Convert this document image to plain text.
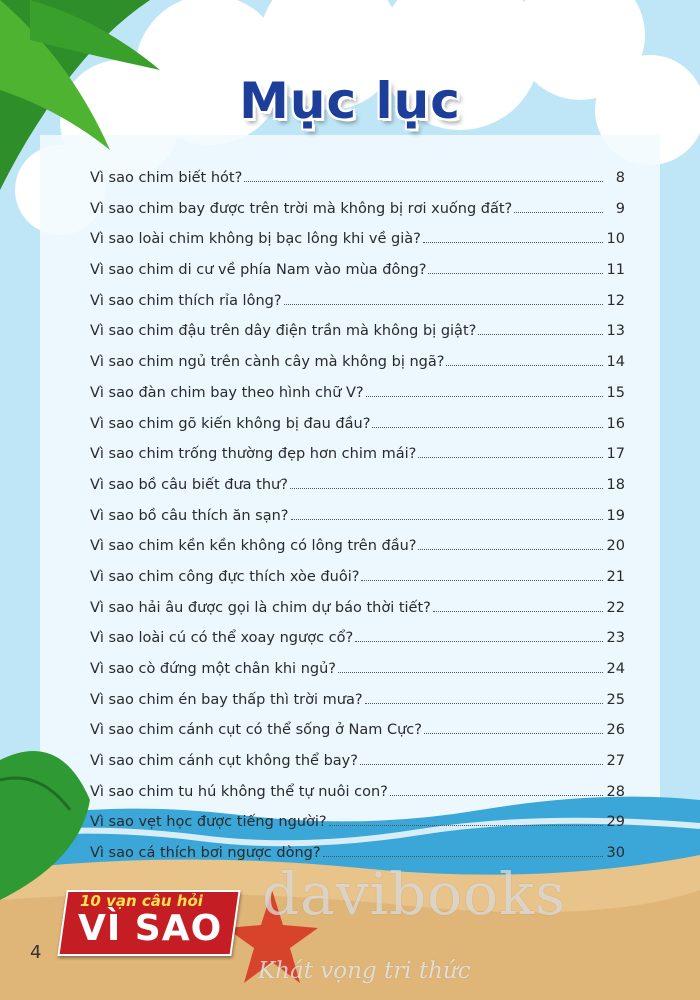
Mục lục
Vì sao chim biết hót?	8
Vì sao chim bay được trên trời mà không bị rơi xuống đất?	9
Vì sao loài chim không bị bạc lông khi về già?	10
Vì sao chim di cư về phía Nam vào mùa đông?	11
Vì sao chim thích rỉa lông?	12
Vì sao chim đậu trên dây điện trần mà không bị giật?	13
Vì sao chim ngủ trên cành cây mà không bị ngã?	14
Vì sao đàn chim bay theo hình chữ V?	15
Vì sao chim gõ kiến không bị đau đầu?	16
Vì sao chim trống thường đẹp hơn chim mái?	17
Vì sao bồ câu biết đưa thư?	18
Vì sao bồ câu thích ăn sạn?	19
Vì sao chim kền kền không có lông trên đầu?	20
Vì sao chim công đực thích xòe đuôi?	21
Vì sao hải âu được gọi là chim dự báo thời tiết?	22
Vì sao loài cú có thể xoay ngược cổ?	23
Vì sao cò đứng một chân khi ngủ?	24
Vì sao chim én bay thấp thì trời mưa?	25
Vì sao chim cánh cụt có thể sống ở Nam Cực?	26
Vì sao chim cánh cụt không thể bay?	27
Vì sao chim tu hú không thể tự nuôi con?	28
Vì sao vẹt học được tiếng người?	29
Vì sao cá thích bơi ngược dòng?	30
10 vạn câu hỏi
VÌ SAO
4
davibooks
Khát vọng tri thức
